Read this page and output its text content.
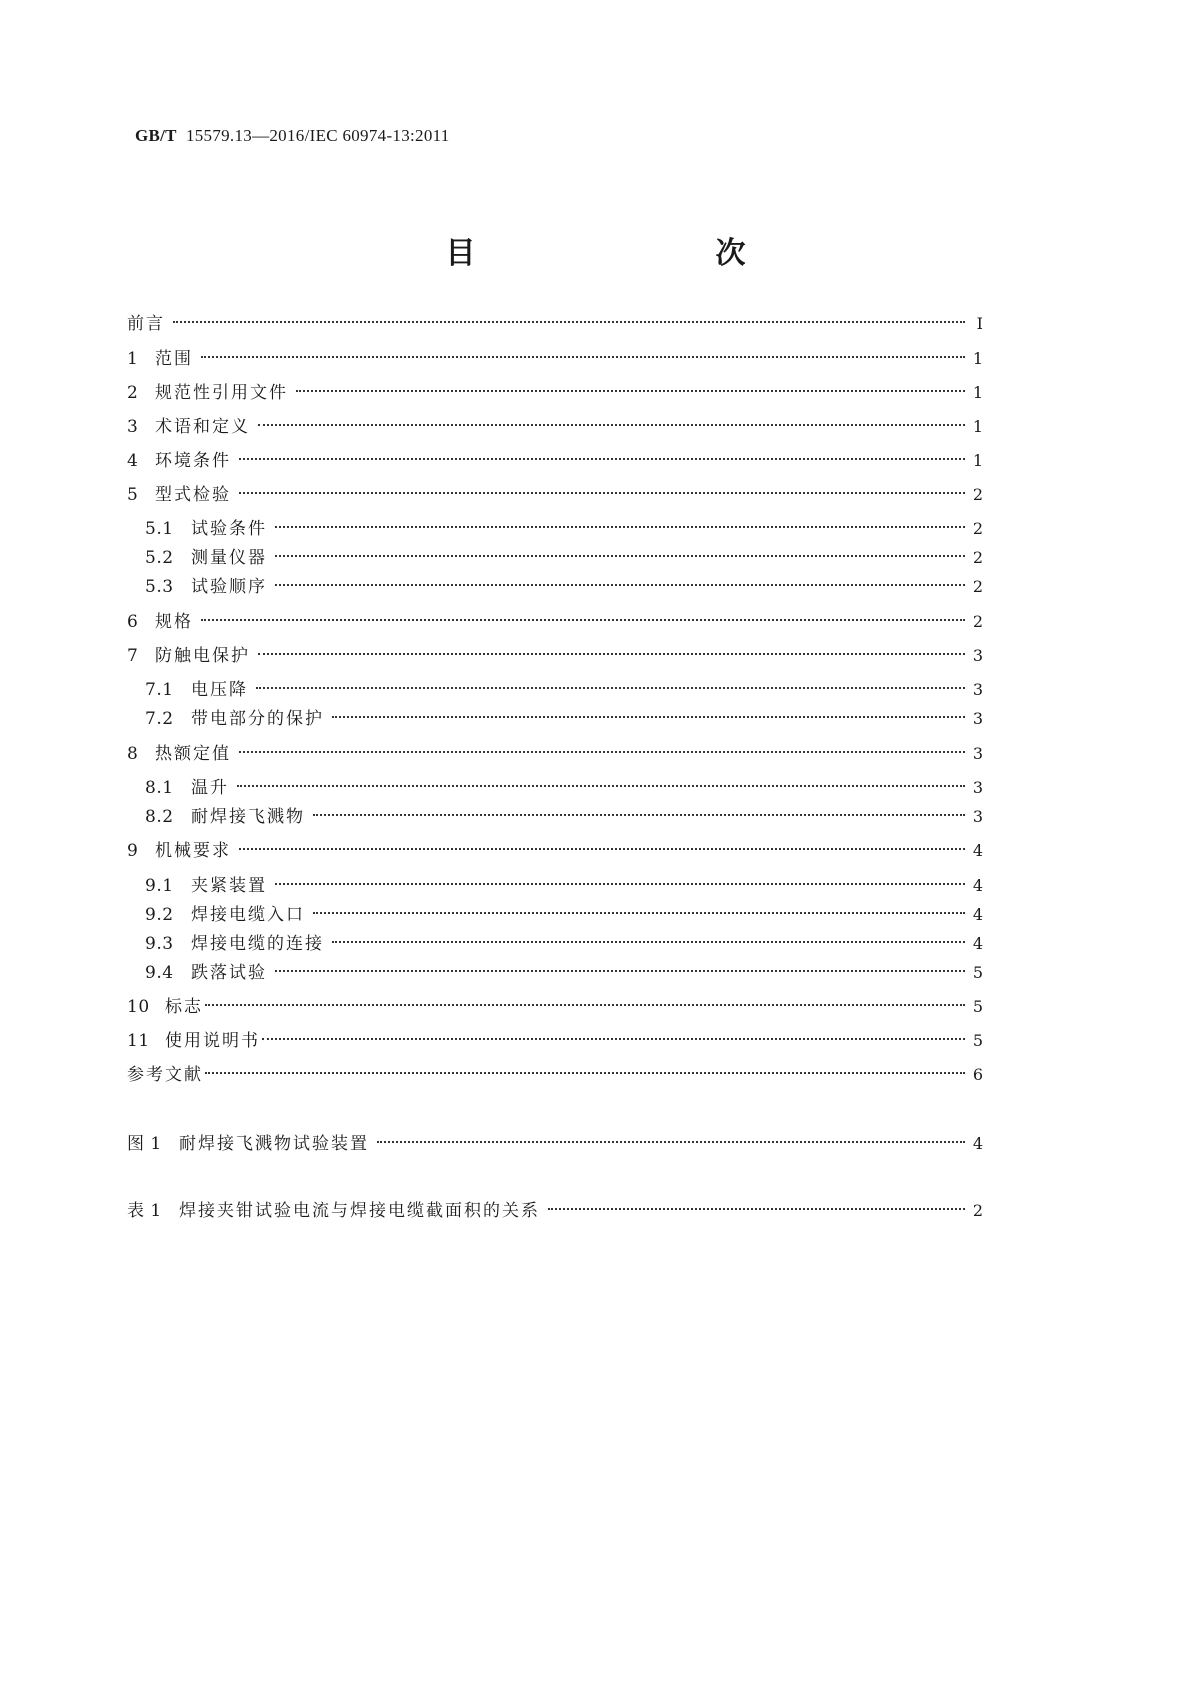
GB/T 15579.13—2016/IEC 60974-13:2011
目　　次
前言	Ⅰ
1 范围	1
2 规范性引用文件	1
3 术语和定义	1
4 环境条件	1
5 型式检验	2
5.1	试验条件	2
5.2	测量仪器	2
5.3	试验顺序	2
6 规格	2
7 防触电保护	3
7.1	电压降	3
7.2	带电部分的保护	3
8 热额定值	3
8.1	温升	3
8.2	耐焊接飞溅物	3
9 机械要求	4
9.1	夹紧装置	4
9.2	焊接电缆入口	4
9.3	焊接电缆的连接	4
9.4	跌落试验	5
10 标志	5
11 使用说明书	5
参考文献	6
图 1	耐焊接飞溅物试验装置	4
表 1	焊接夹钳试验电流与焊接电缆截面积的关系	2
